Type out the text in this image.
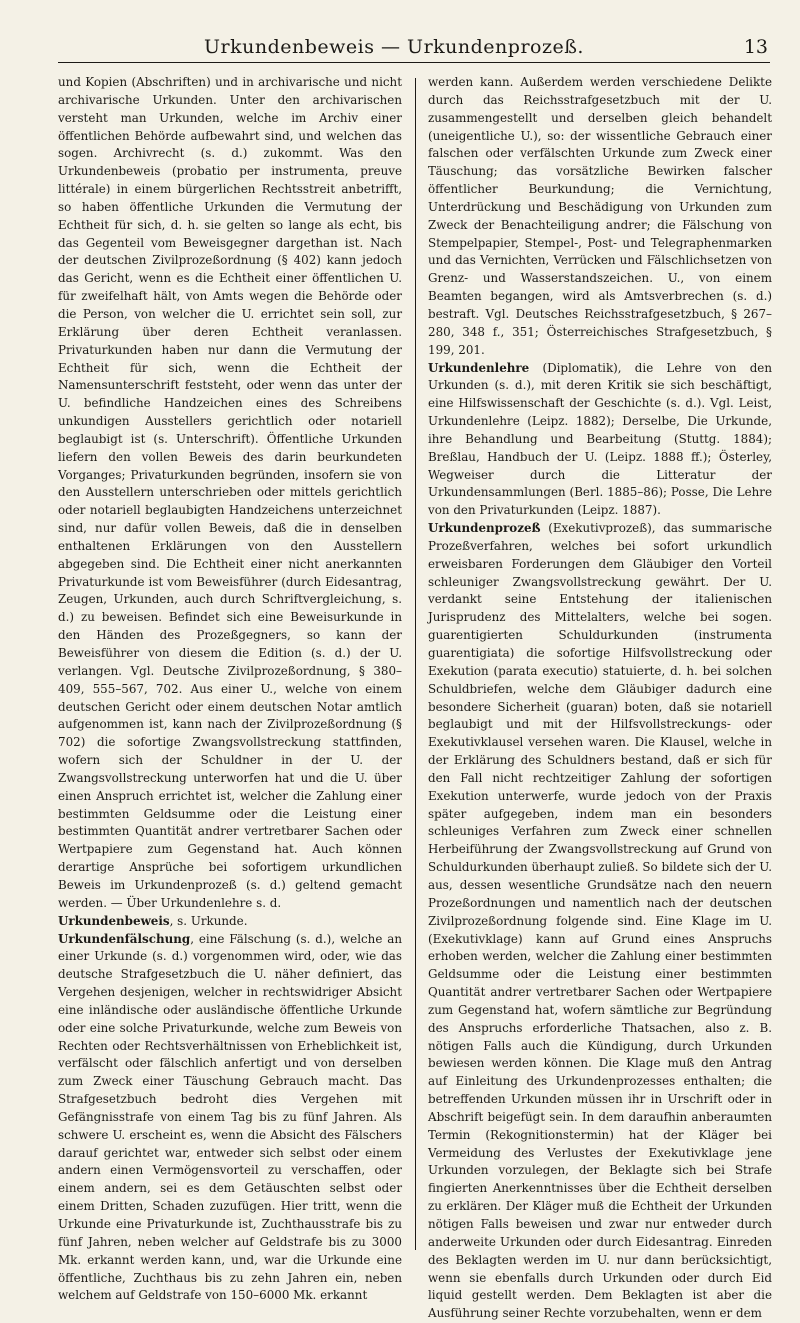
Urkundenbeweis — Urkundenprozeß.	13

und Kopien (Abschriften) und in archivarische und nicht archivarische Urkunden. Unter den archivarischen versteht man Urkunden, welche im Archiv einer öffentlichen Behörde aufbewahrt sind, und welchen das sogen. Archivrecht (s. d.) zukommt. Was den Urkundenbeweis (probatio per instrumenta, preuve littérale) in einem bürgerlichen Rechtsstreit anbetrifft, so haben öffentliche Urkunden die Vermutung der Echtheit für sich, d. h. sie gelten so lange als echt, bis das Gegenteil vom Beweisgegner dargethan ist. Nach der deutschen Zivilprozeßordnung (§ 402) kann jedoch das Gericht, wenn es die Echtheit einer öffentlichen U. für zweifelhaft hält, von Amts wegen die Behörde oder die Person, von welcher die U. errichtet sein soll, zur Erklärung über deren Echtheit veranlassen. Privaturkunden haben nur dann die Vermutung der Echtheit für sich, wenn die Echtheit der Namensunterschrift feststeht, oder wenn das unter der U. befindliche Handzeichen eines des Schreibens unkundigen Ausstellers gerichtlich oder notariell beglaubigt ist (s. Unterschrift). Öffentliche Urkunden liefern den vollen Beweis des darin beurkundeten Vorganges; Privaturkunden begründen, insofern sie von den Ausstellern unterschrieben oder mittels gerichtlich oder notariell beglaubigten Handzeichens unterzeichnet sind, nur dafür vollen Beweis, daß die in denselben enthaltenen Erklärungen von den Ausstellern abgegeben sind. Die Echtheit einer nicht anerkannten Privaturkunde ist vom Beweisführer (durch Eidesantrag, Zeugen, Urkunden, auch durch Schriftvergleichung, s. d.) zu beweisen. Befindet sich eine Beweisurkunde in den Händen des Prozeßgegners, so kann der Beweisführer von diesem die Edition (s. d.) der U. verlangen. Vgl. Deutsche Zivilprozeßordnung, § 380–409, 555–567, 702. Aus einer U., welche von einem deutschen Gericht oder einem deutschen Notar amtlich aufgenommen ist, kann nach der Zivilprozeßordnung (§ 702) die sofortige Zwangsvollstreckung stattfinden, wofern sich der Schuldner in der U. der Zwangsvollstreckung unterworfen hat und die U. über einen Anspruch errichtet ist, welcher die Zahlung einer bestimmten Geldsumme oder die Leistung einer bestimmten Quantität andrer vertretbarer Sachen oder Wertpapiere zum Gegenstand hat. Auch können derartige Ansprüche bei sofortigem urkundlichen Beweis im Urkundenprozeß (s. d.) geltend gemacht werden. — Über Urkundenlehre s. d.

Urkundenbeweis, s. Urkunde.

Urkundenfälschung, eine Fälschung (s. d.), welche an einer Urkunde (s. d.) vorgenommen wird, oder, wie das deutsche Strafgesetzbuch die U. näher definiert, das Vergehen desjenigen, welcher in rechtswidriger Absicht eine inländische oder ausländische öffentliche Urkunde oder eine solche Privaturkunde, welche zum Beweis von Rechten oder Rechtsverhältnissen von Erheblichkeit ist, verfälscht oder fälschlich anfertigt und von derselben zum Zweck einer Täuschung Gebrauch macht. Das Strafgesetzbuch bedroht dies Vergehen mit Gefängnisstrafe von einem Tag bis zu fünf Jahren. Als schwere U. erscheint es, wenn die Absicht des Fälschers darauf gerichtet war, entweder sich selbst oder einem andern einen Vermögensvorteil zu verschaffen, oder einem andern, sei es dem Getäuschten selbst oder einem Dritten, Schaden zuzufügen. Hier tritt, wenn die Urkunde eine Privaturkunde ist, Zuchthausstrafe bis zu fünf Jahren, neben welcher auf Geldstrafe bis zu 3000 Mk. erkannt werden kann, und, war die Urkunde eine öffentliche, Zuchthaus bis zu zehn Jahren ein, neben welchem auf Geldstrafe von 150–6000 Mk. erkannt

werden kann. Außerdem werden verschiedene Delikte durch das Reichsstrafgesetzbuch mit der U. zusammengestellt und derselben gleich behandelt (uneigentliche U.), so: der wissentliche Gebrauch einer falschen oder verfälschten Urkunde zum Zweck einer Täuschung; das vorsätzliche Bewirken falscher öffentlicher Beurkundung; die Vernichtung, Unterdrückung und Beschädigung von Urkunden zum Zweck der Benachteiligung andrer; die Fälschung von Stempelpapier, Stempel-, Post- und Telegraphenmarken und das Vernichten, Verrücken und Fälschlichsetzen von Grenz- und Wasserstandszeichen. U., von einem Beamten begangen, wird als Amtsverbrechen (s. d.) bestraft. Vgl. Deutsches Reichsstrafgesetzbuch, § 267–280, 348 f., 351; Österreichisches Strafgesetzbuch, § 199, 201.

Urkundenlehre (Diplomatik), die Lehre von den Urkunden (s. d.), mit deren Kritik sie sich beschäftigt, eine Hilfswissenschaft der Geschichte (s. d.). Vgl. Leist, Urkundenlehre (Leipz. 1882); Derselbe, Die Urkunde, ihre Behandlung und Bearbeitung (Stuttg. 1884); Breßlau, Handbuch der U. (Leipz. 1888 ff.); Österley, Wegweiser durch die Litteratur der Urkundensammlungen (Berl. 1885–86); Posse, Die Lehre von den Privaturkunden (Leipz. 1887).

Urkundenprozeß (Exekutivprozeß), das summarische Prozeßverfahren, welches bei sofort urkundlich erweisbaren Forderungen dem Gläubiger den Vorteil schleuniger Zwangsvollstreckung gewährt. Der U. verdankt seine Entstehung der italienischen Jurisprudenz des Mittelalters, welche bei sogen. guarentigierten Schuldurkunden (instrumenta guarentigiata) die sofortige Hilfsvollstreckung oder Exekution (parata executio) statuierte, d. h. bei solchen Schuldbriefen, welche dem Gläubiger dadurch eine besondere Sicherheit (guaran) boten, daß sie notariell beglaubigt und mit der Hilfsvollstreckungs- oder Exekutivklausel versehen waren. Die Klausel, welche in der Erklärung des Schuldners bestand, daß er sich für den Fall nicht rechtzeitiger Zahlung der sofortigen Exekution unterwerfe, wurde jedoch von der Praxis später aufgegeben, indem man ein besonders schleuniges Verfahren zum Zweck einer schnellen Herbeiführung der Zwangsvollstreckung auf Grund von Schuldurkunden überhaupt zuließ. So bildete sich der U. aus, dessen wesentliche Grundsätze nach den neuern Prozeßordnungen und namentlich nach der deutschen Zivilprozeßordnung folgende sind. Eine Klage im U. (Exekutivklage) kann auf Grund eines Anspruchs erhoben werden, welcher die Zahlung einer bestimmten Geldsumme oder die Leistung einer bestimmten Quantität andrer vertretbarer Sachen oder Wertpapiere zum Gegenstand hat, wofern sämtliche zur Begründung des Anspruchs erforderliche Thatsachen, also z. B. nötigen Falls auch die Kündigung, durch Urkunden bewiesen werden können. Die Klage muß den Antrag auf Einleitung des Urkundenprozesses enthalten; die betreffenden Urkunden müssen ihr in Urschrift oder in Abschrift beigefügt sein. In dem daraufhin anberaumten Termin (Rekognitionstermin) hat der Kläger bei Vermeidung des Verlustes der Exekutivklage jene Urkunden vorzulegen, der Beklagte sich bei Strafe fingierten Anerkenntnisses über die Echtheit derselben zu erklären. Der Kläger muß die Echtheit der Urkunden nötigen Falls beweisen und zwar nur entweder durch anderweite Urkunden oder durch Eidesantrag. Einreden des Beklagten werden im U. nur dann berücksichtigt, wenn sie ebenfalls durch Urkunden oder durch Eid liquid gestellt werden. Dem Beklagten ist aber die Ausführung seiner Rechte vorzubehalten, wenn er dem
